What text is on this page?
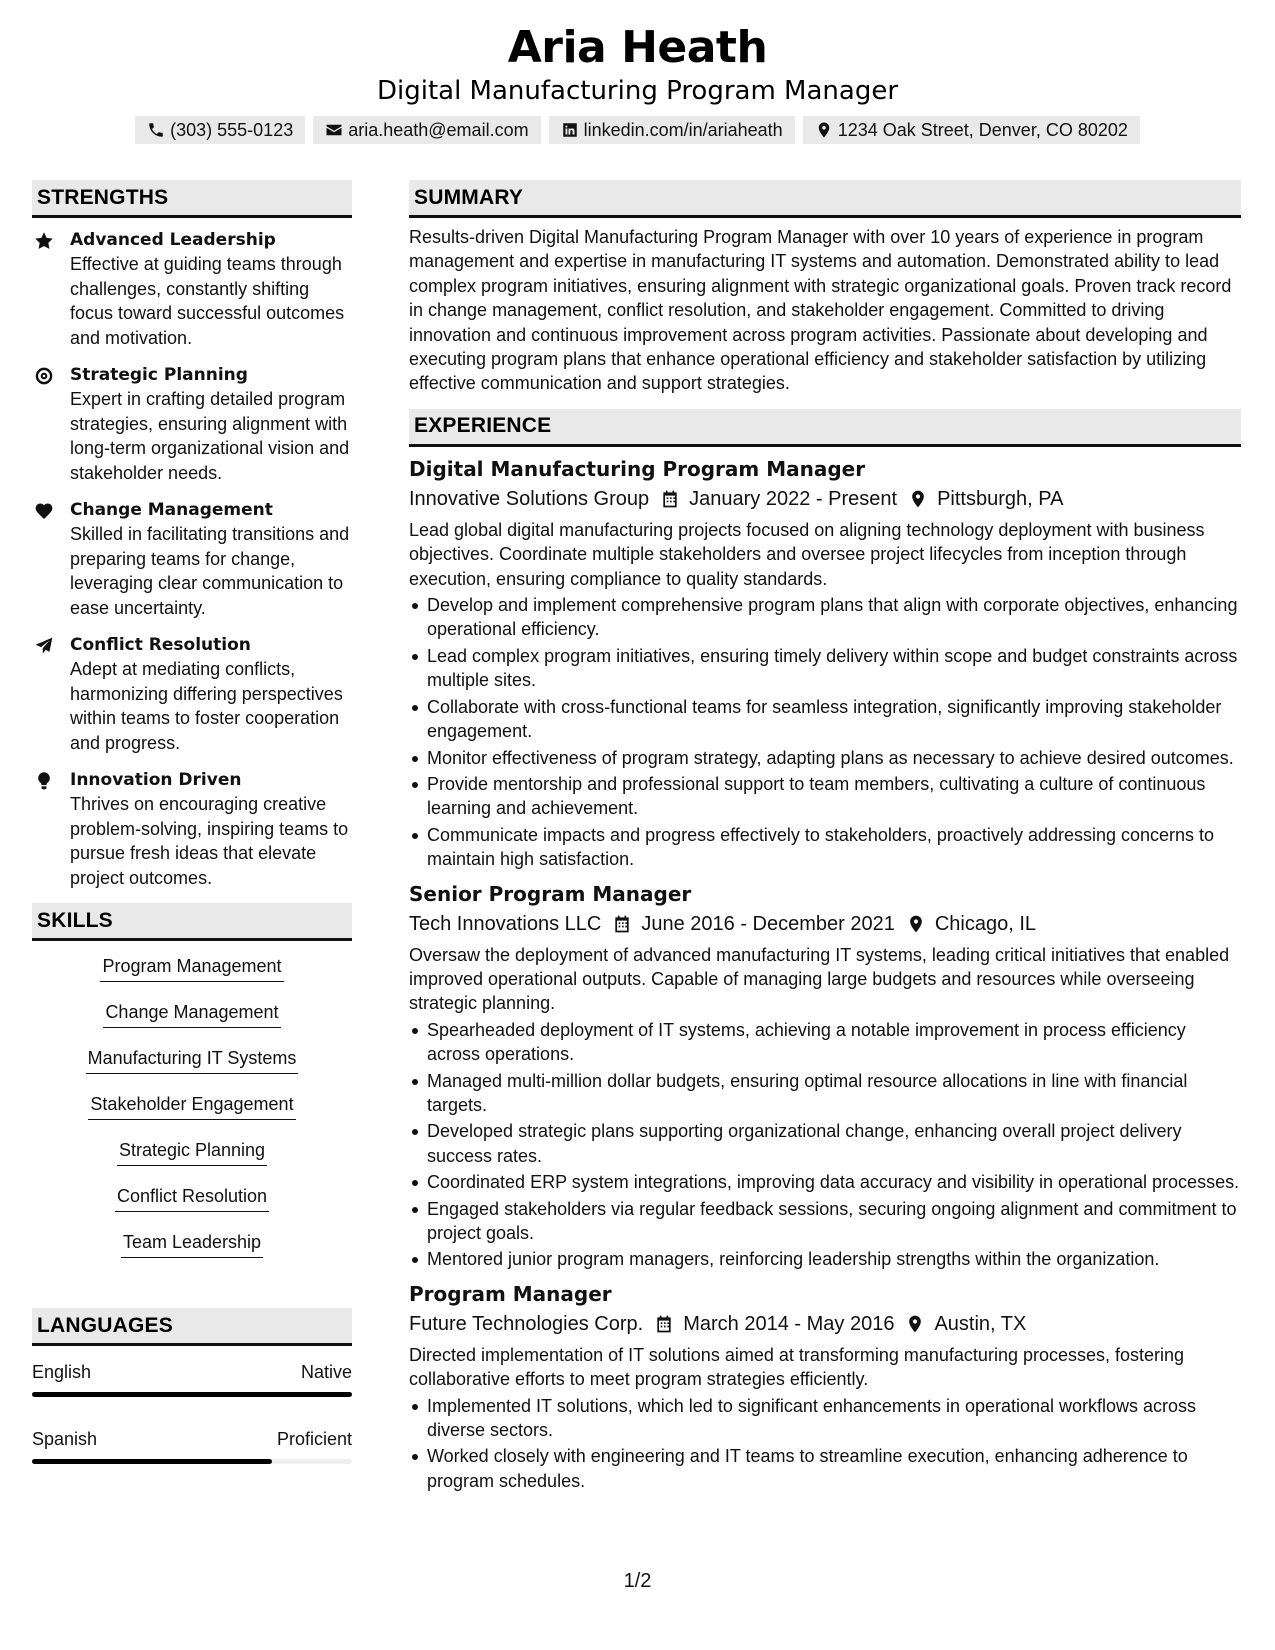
Aria Heath
Digital Manufacturing Program Manager
(303) 555-0123	aria.heath@email.com	linkedin.com/in/ariaheath	1234 Oak Street, Denver, CO 80202
STRENGTHS
Advanced Leadership
Effective at guiding teams through challenges, constantly shifting focus toward successful outcomes and motivation.
Strategic Planning
Expert in crafting detailed program strategies, ensuring alignment with long-term organizational vision and stakeholder needs.
Change Management
Skilled in facilitating transitions and preparing teams for change, leveraging clear communication to ease uncertainty.
Conflict Resolution
Adept at mediating conflicts, harmonizing differing perspectives within teams to foster cooperation and progress.
Innovation Driven
Thrives on encouraging creative problem-solving, inspiring teams to pursue fresh ideas that elevate project outcomes.
SKILLS
Program Management
Change Management
Manufacturing IT Systems
Stakeholder Engagement
Strategic Planning
Conflict Resolution
Team Leadership
LANGUAGES
English	Native
Spanish	Proficient
SUMMARY
Results-driven Digital Manufacturing Program Manager with over 10 years of experience in program management and expertise in manufacturing IT systems and automation. Demonstrated ability to lead complex program initiatives, ensuring alignment with strategic organizational goals. Proven track record in change management, conflict resolution, and stakeholder engagement. Committed to driving innovation and continuous improvement across program activities. Passionate about developing and executing program plans that enhance operational efficiency and stakeholder satisfaction by utilizing effective communication and support strategies.
EXPERIENCE
Digital Manufacturing Program Manager
Innovative Solutions Group January 2022 - Present Pittsburgh, PA
Lead global digital manufacturing projects focused on aligning technology deployment with business objectives. Coordinate multiple stakeholders and oversee project lifecycles from inception through execution, ensuring compliance to quality standards.
Develop and implement comprehensive program plans that align with corporate objectives, enhancing operational efficiency.
Lead complex program initiatives, ensuring timely delivery within scope and budget constraints across multiple sites.
Collaborate with cross-functional teams for seamless integration, significantly improving stakeholder engagement.
Monitor effectiveness of program strategy, adapting plans as necessary to achieve desired outcomes.
Provide mentorship and professional support to team members, cultivating a culture of continuous learning and achievement.
Communicate impacts and progress effectively to stakeholders, proactively addressing concerns to maintain high satisfaction.
Senior Program Manager
Tech Innovations LLC June 2016 - December 2021 Chicago, IL
Oversaw the deployment of advanced manufacturing IT systems, leading critical initiatives that enabled improved operational outputs. Capable of managing large budgets and resources while overseeing strategic planning.
Spearheaded deployment of IT systems, achieving a notable improvement in process efficiency across operations.
Managed multi-million dollar budgets, ensuring optimal resource allocations in line with financial targets.
Developed strategic plans supporting organizational change, enhancing overall project delivery success rates.
Coordinated ERP system integrations, improving data accuracy and visibility in operational processes.
Engaged stakeholders via regular feedback sessions, securing ongoing alignment and commitment to project goals.
Mentored junior program managers, reinforcing leadership strengths within the organization.
Program Manager
Future Technologies Corp. March 2014 - May 2016 Austin, TX
Directed implementation of IT solutions aimed at transforming manufacturing processes, fostering collaborative efforts to meet program strategies efficiently.
Implemented IT solutions, which led to significant enhancements in operational workflows across diverse sectors.
Worked closely with engineering and IT teams to streamline execution, enhancing adherence to program schedules.
1/2
